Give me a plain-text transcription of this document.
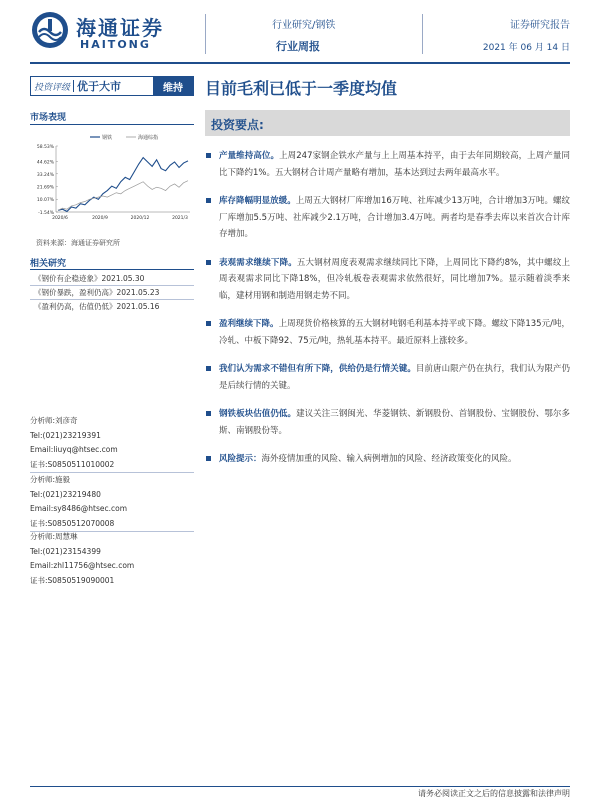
海通证券
HAITONG
行业研究/钢铁
行业周报
证券研究报告
2021 年 06 月 14 日
投资评级 优于大市	维持	目前毛利已低于一季度均值
市场表现
钢铁	海通综指
58.53%
44.62%
33.24%
21.69%
10.07%
-1.54%
2020/6	2020/9	2020/12	2021/3
资料来源：海通证券研究所
相关研究
《钢价有企稳迹象》2021.05.30
《钢价暴跌，盈利仍高》2021.05.23
《盈利仍高，估值仍低》2021.05.16
分析师:刘彦奇
Tel:(021)23219391
Email:liuyq@htsec.com
证书:S0850511010002
分析师:施毅
Tel:(021)23219480
Email:sy8486@htsec.com
证书:S0850512070008
分析师:周慧琳
Tel:(021)23154399
Email:zhl11756@htsec.com
证书:S0850519090001
投资要点:
产量维持高位。上周247家钢企铁水产量与上上周基本持平，由于去年同期较高，上周产量同比下降约1%。五大钢材合计周产量略有增加，基本达到过去两年最高水平。
库存降幅明显放缓。上周五大钢材厂库增加16万吨、社库减少13万吨，合计增加3万吨。螺纹厂库增加5.5万吨、社库减少2.1万吨，合计增加3.4万吨。两者均是春季去库以来首次合计库存增加。
表观需求继续下降。五大钢材周度表观需求继续同比下降，上周同比下降约8%，其中螺纹上周表观需求同比下降18%，但冷轧板卷表观需求依然很好，同比增加7%。显示随着淡季来临，建材用钢和制造用钢走势不同。
盈利继续下降。上周现货价格核算的五大钢材吨钢毛利基本持平或下降。螺纹下降135元/吨，冷轧、中板下降92、75元/吨，热轧基本持平。最近原料上涨较多。
我们认为需求不错但有所下降，供给仍是行情关键。目前唐山限产仍在执行，我们认为限产仍是后续行情的关键。
钢铁板块估值仍低。建议关注三钢闽光、华菱钢铁、新钢股份、首钢股份、宝钢股份、鄂尔多斯、南钢股份等。
风险提示：海外疫情加重的风险、输入病例增加的风险、经济政策变化的风险。
请务必阅读正文之后的信息披露和法律声明
